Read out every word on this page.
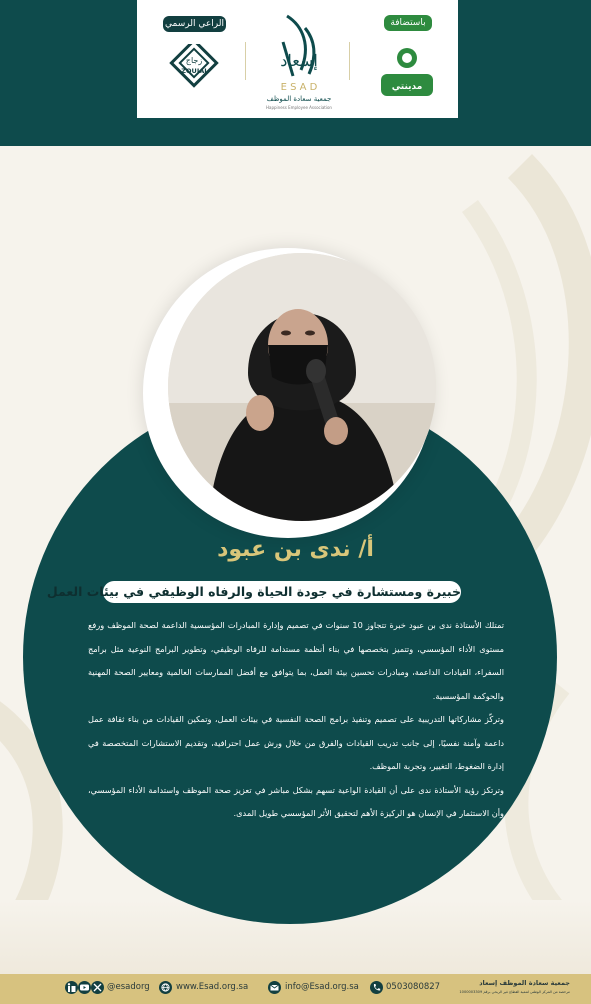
الراعي الرسمي	باستضافة
زجاج
ZOUJAJ
إسعاد
E S A D
جمعية سعادة الموظف
Happiness Employee Association
مدينتي
أ/ ندى بن عبود
خبيرة ومستشارة في جودة الحياة والرفاه الوظيفي في بيئات العمل

تمتلك الأستاذة ندى بن عبود خبرة تتجاوز 10 سنوات في تصميم وإدارة المبادرات المؤسسية الداعمة لصحة الموظف ورفع مستوى الأداء المؤسسي، وتتميز بتخصصها في بناء أنظمة مستدامة للرفاه الوظيفي، وتطوير البرامج النوعية مثل برامج السفراء، القيادات الداعمة، ومبادرات تحسين بيئة العمل، بما يتوافق مع أفضل الممارسات العالمية ومعايير الصحة المهنية والحوكمة المؤسسية.

وتركّز مشاركاتها التدريبية على تصميم وتنفيذ برامج الصحة النفسية في بيئات العمل، وتمكين القيادات من بناء ثقافة عمل داعمة وآمنة نفسيًا، إلى جانب تدريب القيادات والفرق من خلال ورش عمل احترافية، وتقديم الاستشارات المتخصصة في إدارة الضغوط، التغيير، وتجربة الموظف.

وترتكز رؤية الأستاذة ندى على أن القيادة الواعية تسهم بشكل مباشر في تعزيز صحة الموظف واستدامة الأداء المؤسسي، وأن الاستثمار في الإنسان هو الركيزة الأهم لتحقيق الأثر المؤسسي طويل المدى.

@esadorg	www.Esad.org.sa	info@Esad.org.sa	0503080827	جمعية سعادة الموظف إسعاد
مرخصة من المركز الوطني لتنمية القطاع غير الربحي برقم 1000003309
